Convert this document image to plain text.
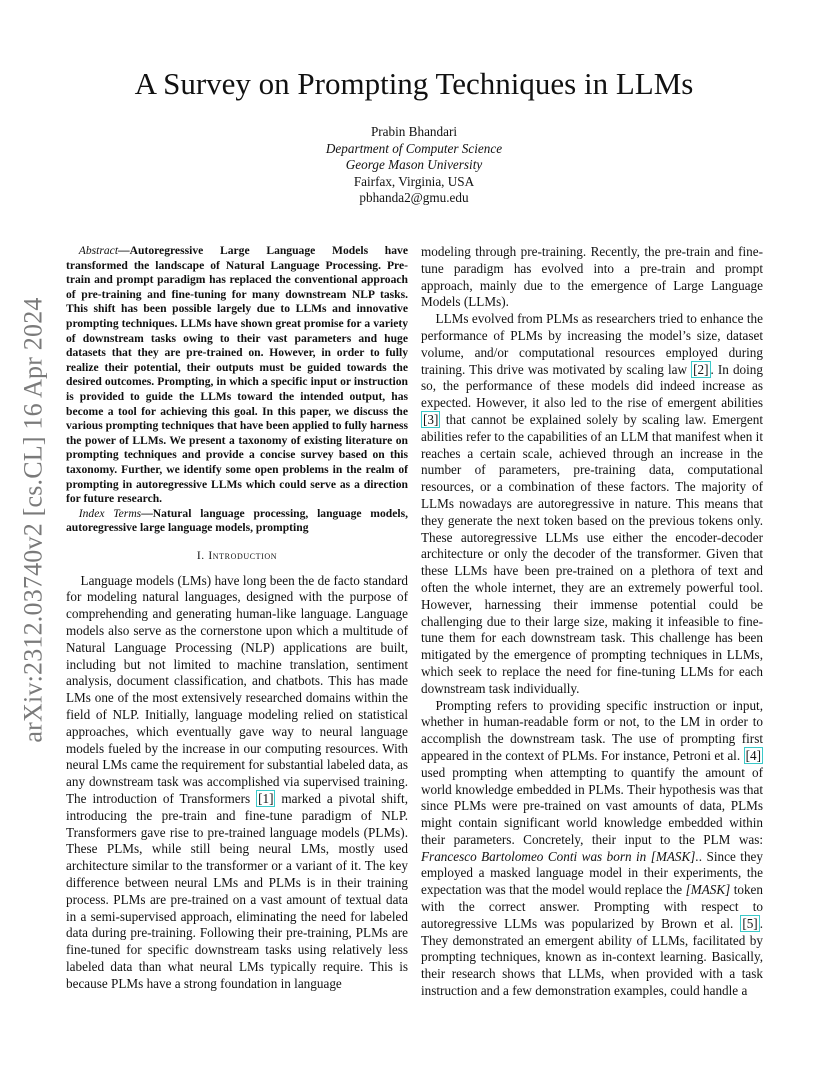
arXiv:2312.03740v2 [cs.CL] 16 Apr 2024
A Survey on Prompting Techniques in LLMs
Prabin Bhandari
Department of Computer Science
George Mason University
Fairfax, Virginia, USA
pbhanda2@gmu.edu

Abstract—Autoregressive Large Language Models have transformed the landscape of Natural Language Processing. Pre-train and prompt paradigm has replaced the conventional approach of pre-training and fine-tuning for many downstream NLP tasks. This shift has been possible largely due to LLMs and innovative prompting techniques. LLMs have shown great promise for a variety of downstream tasks owing to their vast parameters and huge datasets that they are pre-trained on. However, in order to fully realize their potential, their outputs must be guided towards the desired outcomes. Prompting, in which a specific input or instruction is provided to guide the LLMs toward the intended output, has become a tool for achieving this goal. In this paper, we discuss the various prompting techniques that have been applied to fully harness the power of LLMs. We present a taxonomy of existing literature on prompting techniques and provide a concise survey based on this taxonomy. Further, we identify some open problems in the realm of prompting in autoregressive LLMs which could serve as a direction for future research.

Index Terms—Natural language processing, language models, autoregressive large language models, prompting

I. Introduction

Language models (LMs) have long been the de facto standard for modeling natural languages, designed with the purpose of comprehending and generating human-like language. Language models also serve as the cornerstone upon which a multitude of Natural Language Processing (NLP) applications are built, including but not limited to machine translation, sentiment analysis, document classification, and chatbots. This has made LMs one of the most extensively researched domains within the field of NLP. Initially, language modeling relied on statistical approaches, which eventually gave way to neural language models fueled by the increase in our computing resources. With neural LMs came the requirement for substantial labeled data, as any downstream task was accomplished via supervised training. The introduction of Transformers [1] marked a pivotal shift, introducing the pre-train and fine-tune paradigm of NLP. Transformers gave rise to pre-trained language models (PLMs). These PLMs, while still being neural LMs, mostly used architecture similar to the transformer or a variant of it. The key difference between neural LMs and PLMs is in their training process. PLMs are pre-trained on a vast amount of textual data in a semi-supervised approach, eliminating the need for labeled data during pre-training. Following their pre-training, PLMs are fine-tuned for specific downstream tasks using relatively less labeled data than what neural LMs typically require. This is because PLMs have a strong foundation in language

modeling through pre-training. Recently, the pre-train and fine-tune paradigm has evolved into a pre-train and prompt approach, mainly due to the emergence of Large Language Models (LLMs).

LLMs evolved from PLMs as researchers tried to enhance the performance of PLMs by increasing the model’s size, dataset volume, and/or computational resources employed during training. This drive was motivated by scaling law [2] . In doing so, the performance of these models did indeed increase as expected. However, it also led to the rise of emergent abilities [3] that cannot be explained solely by scaling law. Emergent abilities refer to the capabilities of an LLM that manifest when it reaches a certain scale, achieved through an increase in the number of parameters, pre-training data, computational resources, or a combination of these factors. The majority of LLMs nowadays are autoregressive in nature. This means that they generate the next token based on the previous tokens only. These autoregressive LLMs use either the encoder-decoder architecture or only the decoder of the transformer. Given that these LLMs have been pre-trained on a plethora of text and often the whole internet, they are an extremely powerful tool. However, harnessing their immense potential could be challenging due to their large size, making it infeasible to fine-tune them for each downstream task. This challenge has been mitigated by the emergence of prompting techniques in LLMs, which seek to replace the need for fine-tuning LLMs for each downstream task individually.

Prompting refers to providing specific instruction or input, whether in human-readable form or not, to the LM in order to accomplish the downstream task. The use of prompting first appeared in the context of PLMs. For instance, Petroni et al. [4] used prompting when attempting to quantify the amount of world knowledge embedded in PLMs. Their hypothesis was that since PLMs were pre-trained on vast amounts of data, PLMs might contain significant world knowledge embedded within their parameters. Concretely, their input to the PLM was: Francesco Bartolomeo Conti was born in [MASK].. Since they employed a masked language model in their experiments, the expectation was that the model would replace the [MASK] token with the correct answer. Prompting with respect to autoregressive LLMs was popularized by Brown et al. [5] . They demonstrated an emergent ability of LLMs, facilitated by prompting techniques, known as in-context learning. Basically, their research shows that LLMs, when provided with a task instruction and a few demonstration examples, could handle a
